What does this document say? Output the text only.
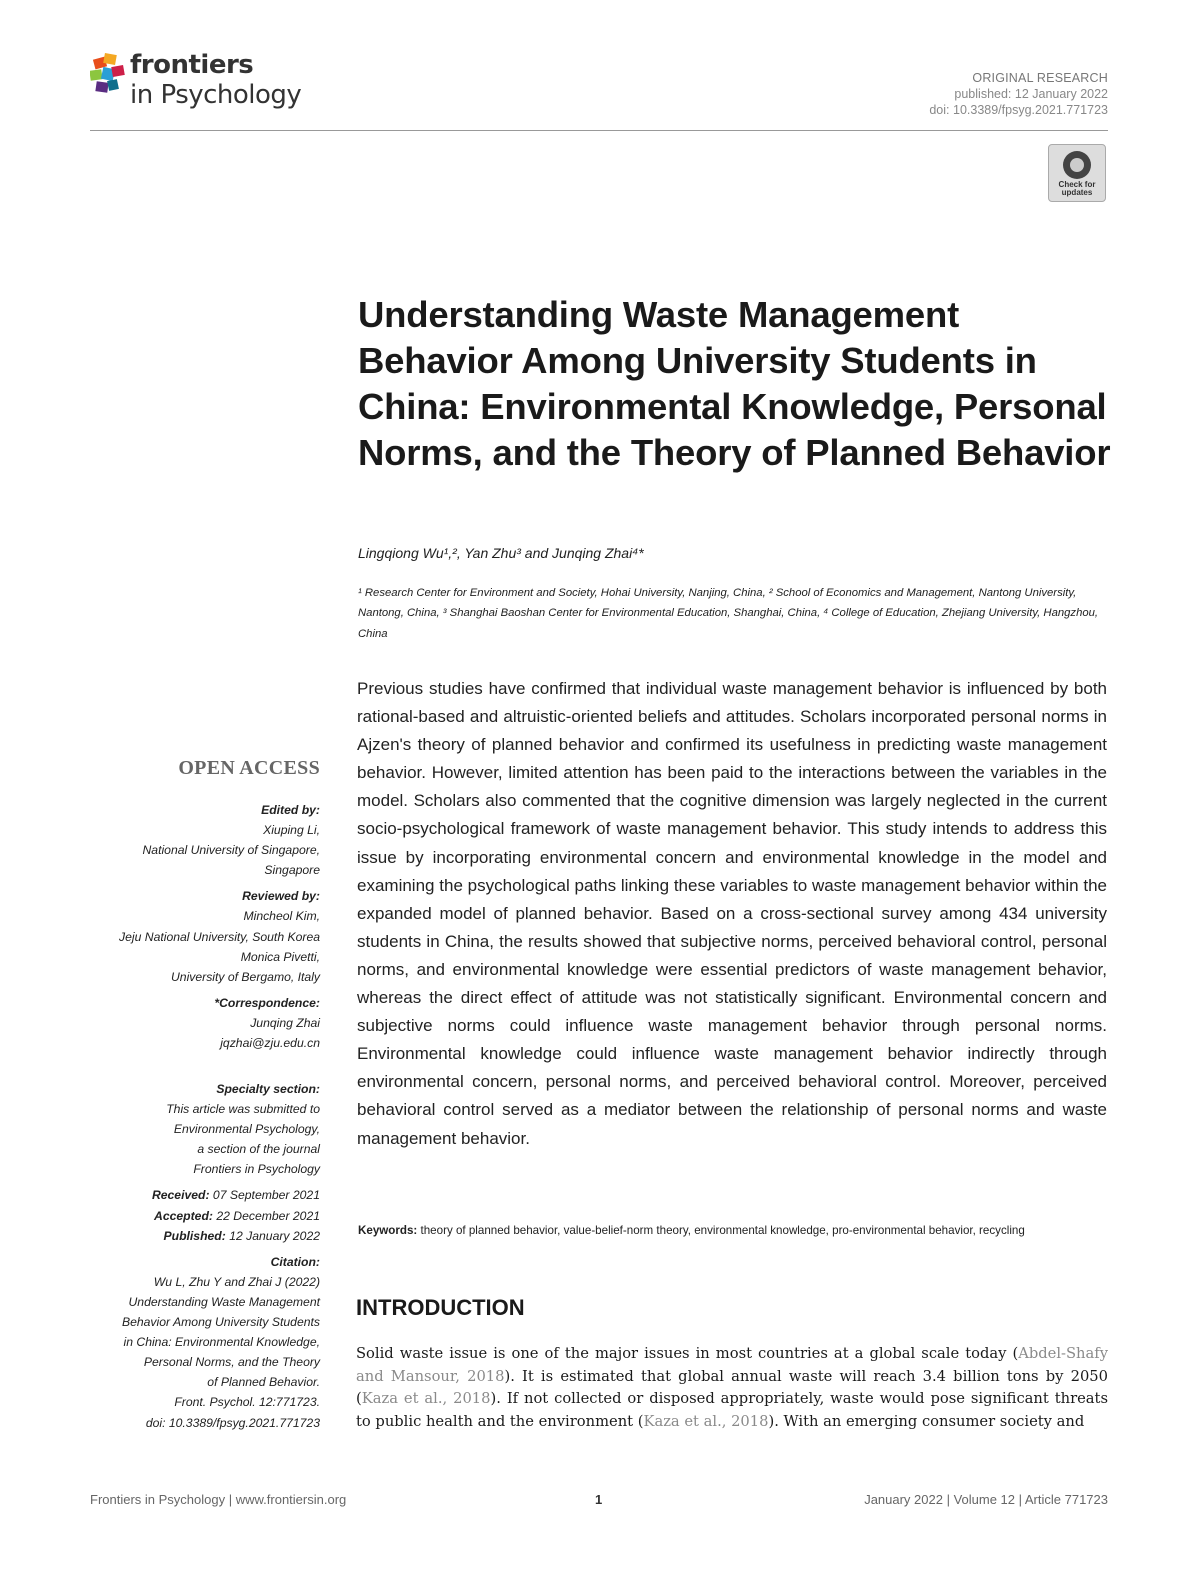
frontiers
in Psychology
ORIGINAL RESEARCH
published: 12 January 2022
doi: 10.3389/fpsyg.2021.771723
Check for updates
Understanding Waste Management Behavior Among University Students in China: Environmental Knowledge, Personal Norms, and the Theory of Planned Behavior
Lingqiong Wu¹,², Yan Zhu³ and Junqing Zhai⁴*
¹ Research Center for Environment and Society, Hohai University, Nanjing, China, ² School of Economics and Management, Nantong University, Nantong, China, ³ Shanghai Baoshan Center for Environmental Education, Shanghai, China, ⁴ College of Education, Zhejiang University, Hangzhou, China
Previous studies have confirmed that individual waste management behavior is influenced by both rational-based and altruistic-oriented beliefs and attitudes. Scholars incorporated personal norms in Ajzen's theory of planned behavior and confirmed its usefulness in predicting waste management behavior. However, limited attention has been paid to the interactions between the variables in the model. Scholars also commented that the cognitive dimension was largely neglected in the current socio-psychological framework of waste management behavior. This study intends to address this issue by incorporating environmental concern and environmental knowledge in the model and examining the psychological paths linking these variables to waste management behavior within the expanded model of planned behavior. Based on a cross-sectional survey among 434 university students in China, the results showed that subjective norms, perceived behavioral control, personal norms, and environmental knowledge were essential predictors of waste management behavior, whereas the direct effect of attitude was not statistically significant. Environmental concern and subjective norms could influence waste management behavior through personal norms. Environmental knowledge could influence waste management behavior indirectly through environmental concern, personal norms, and perceived behavioral control. Moreover, perceived behavioral control served as a mediator between the relationship of personal norms and waste management behavior.
Keywords: theory of planned behavior, value-belief-norm theory, environmental knowledge, pro-environmental behavior, recycling
INTRODUCTION
Solid waste issue is one of the major issues in most countries at a global scale today (Abdel-Shafy and Mansour, 2018). It is estimated that global annual waste will reach 3.4 billion tons by 2050 (Kaza et al., 2018). If not collected or disposed appropriately, waste would pose significant threats to public health and the environment (Kaza et al., 2018). With an emerging consumer society and
OPEN ACCESS
Edited by:
Xiuping Li,
National University of Singapore,
Singapore
Reviewed by:
Mincheol Kim,
Jeju National University, South Korea
Monica Pivetti,
University of Bergamo, Italy
*Correspondence:
Junqing Zhai
jqzhai@zju.edu.cn
Specialty section:
This article was submitted to
Environmental Psychology,
a section of the journal
Frontiers in Psychology
Received: 07 September 2021
Accepted: 22 December 2021
Published: 12 January 2022
Citation:
Wu L, Zhu Y and Zhai J (2022)
Understanding Waste Management
Behavior Among University Students
in China: Environmental Knowledge,
Personal Norms, and the Theory
of Planned Behavior.
Front. Psychol. 12:771723.
doi: 10.3389/fpsyg.2021.771723
Frontiers in Psychology | www.frontiersin.org	1	January 2022 | Volume 12 | Article 771723
